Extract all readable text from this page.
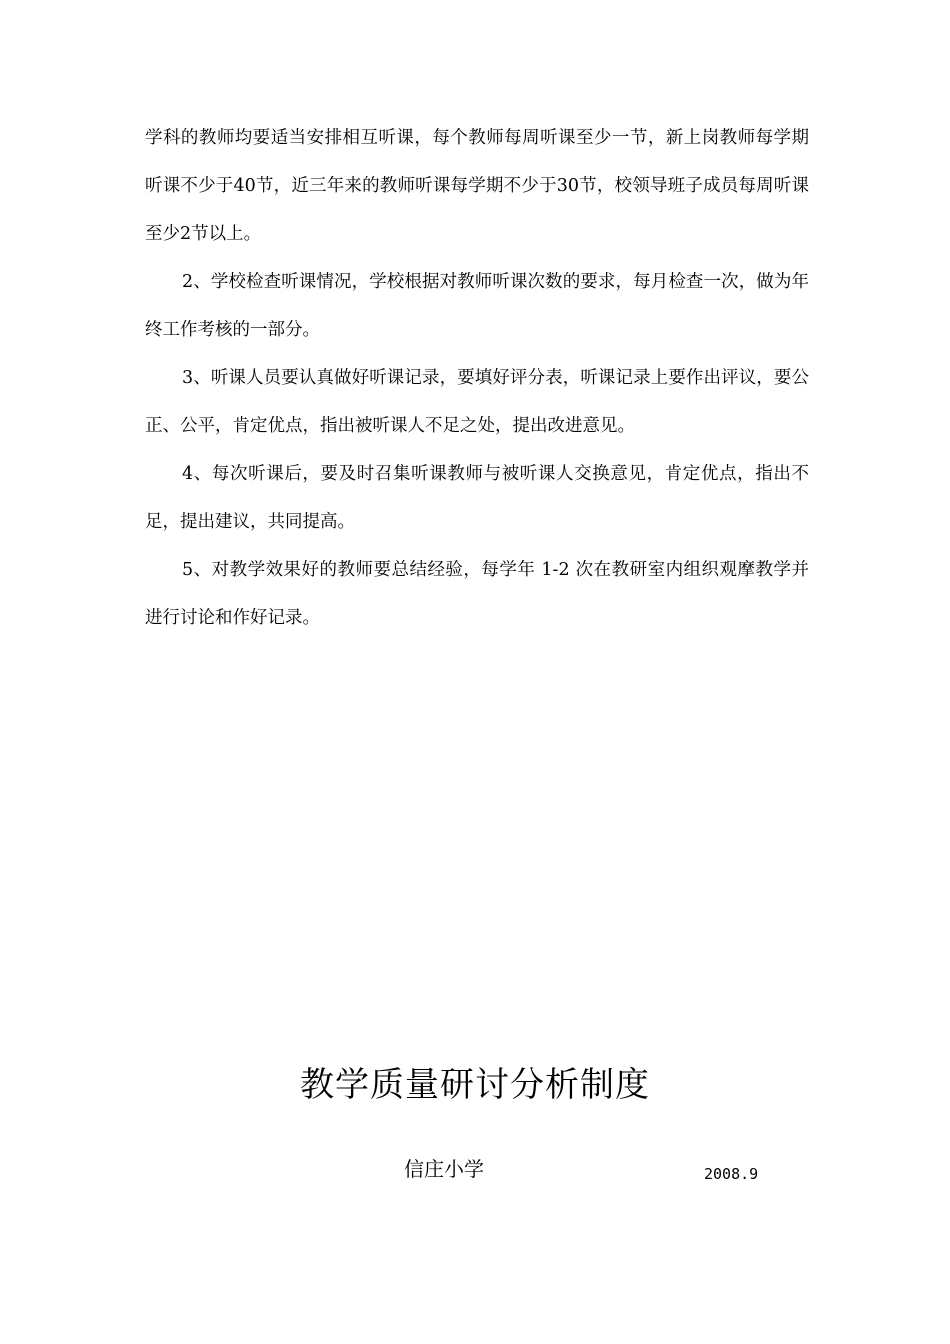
学科的教师均要适当安排相互听课，每个教师每周听课至少一节，新上岗教师每学期听课不少于40节，近三年来的教师听课每学期不少于30节，校领导班子成员每周听课至少2节以上。

2、学校检查听课情况，学校根据对教师听课次数的要求，每月检查一次，做为年终工作考核的一部分。

3、听课人员要认真做好听课记录，要填好评分表，听课记录上要作出评议，要公正、公平，肯定优点，指出被听课人不足之处，提出改进意见。

4、每次听课后，要及时召集听课教师与被听课人交换意见，肯定优点，指出不足，提出建议，共同提高。

5、对教学效果好的教师要总结经验，每学年 1-2 次在教研室内组织观摩教学并进行讨论和作好记录。

教学质量研讨分析制度
信庄小学	2008.9
